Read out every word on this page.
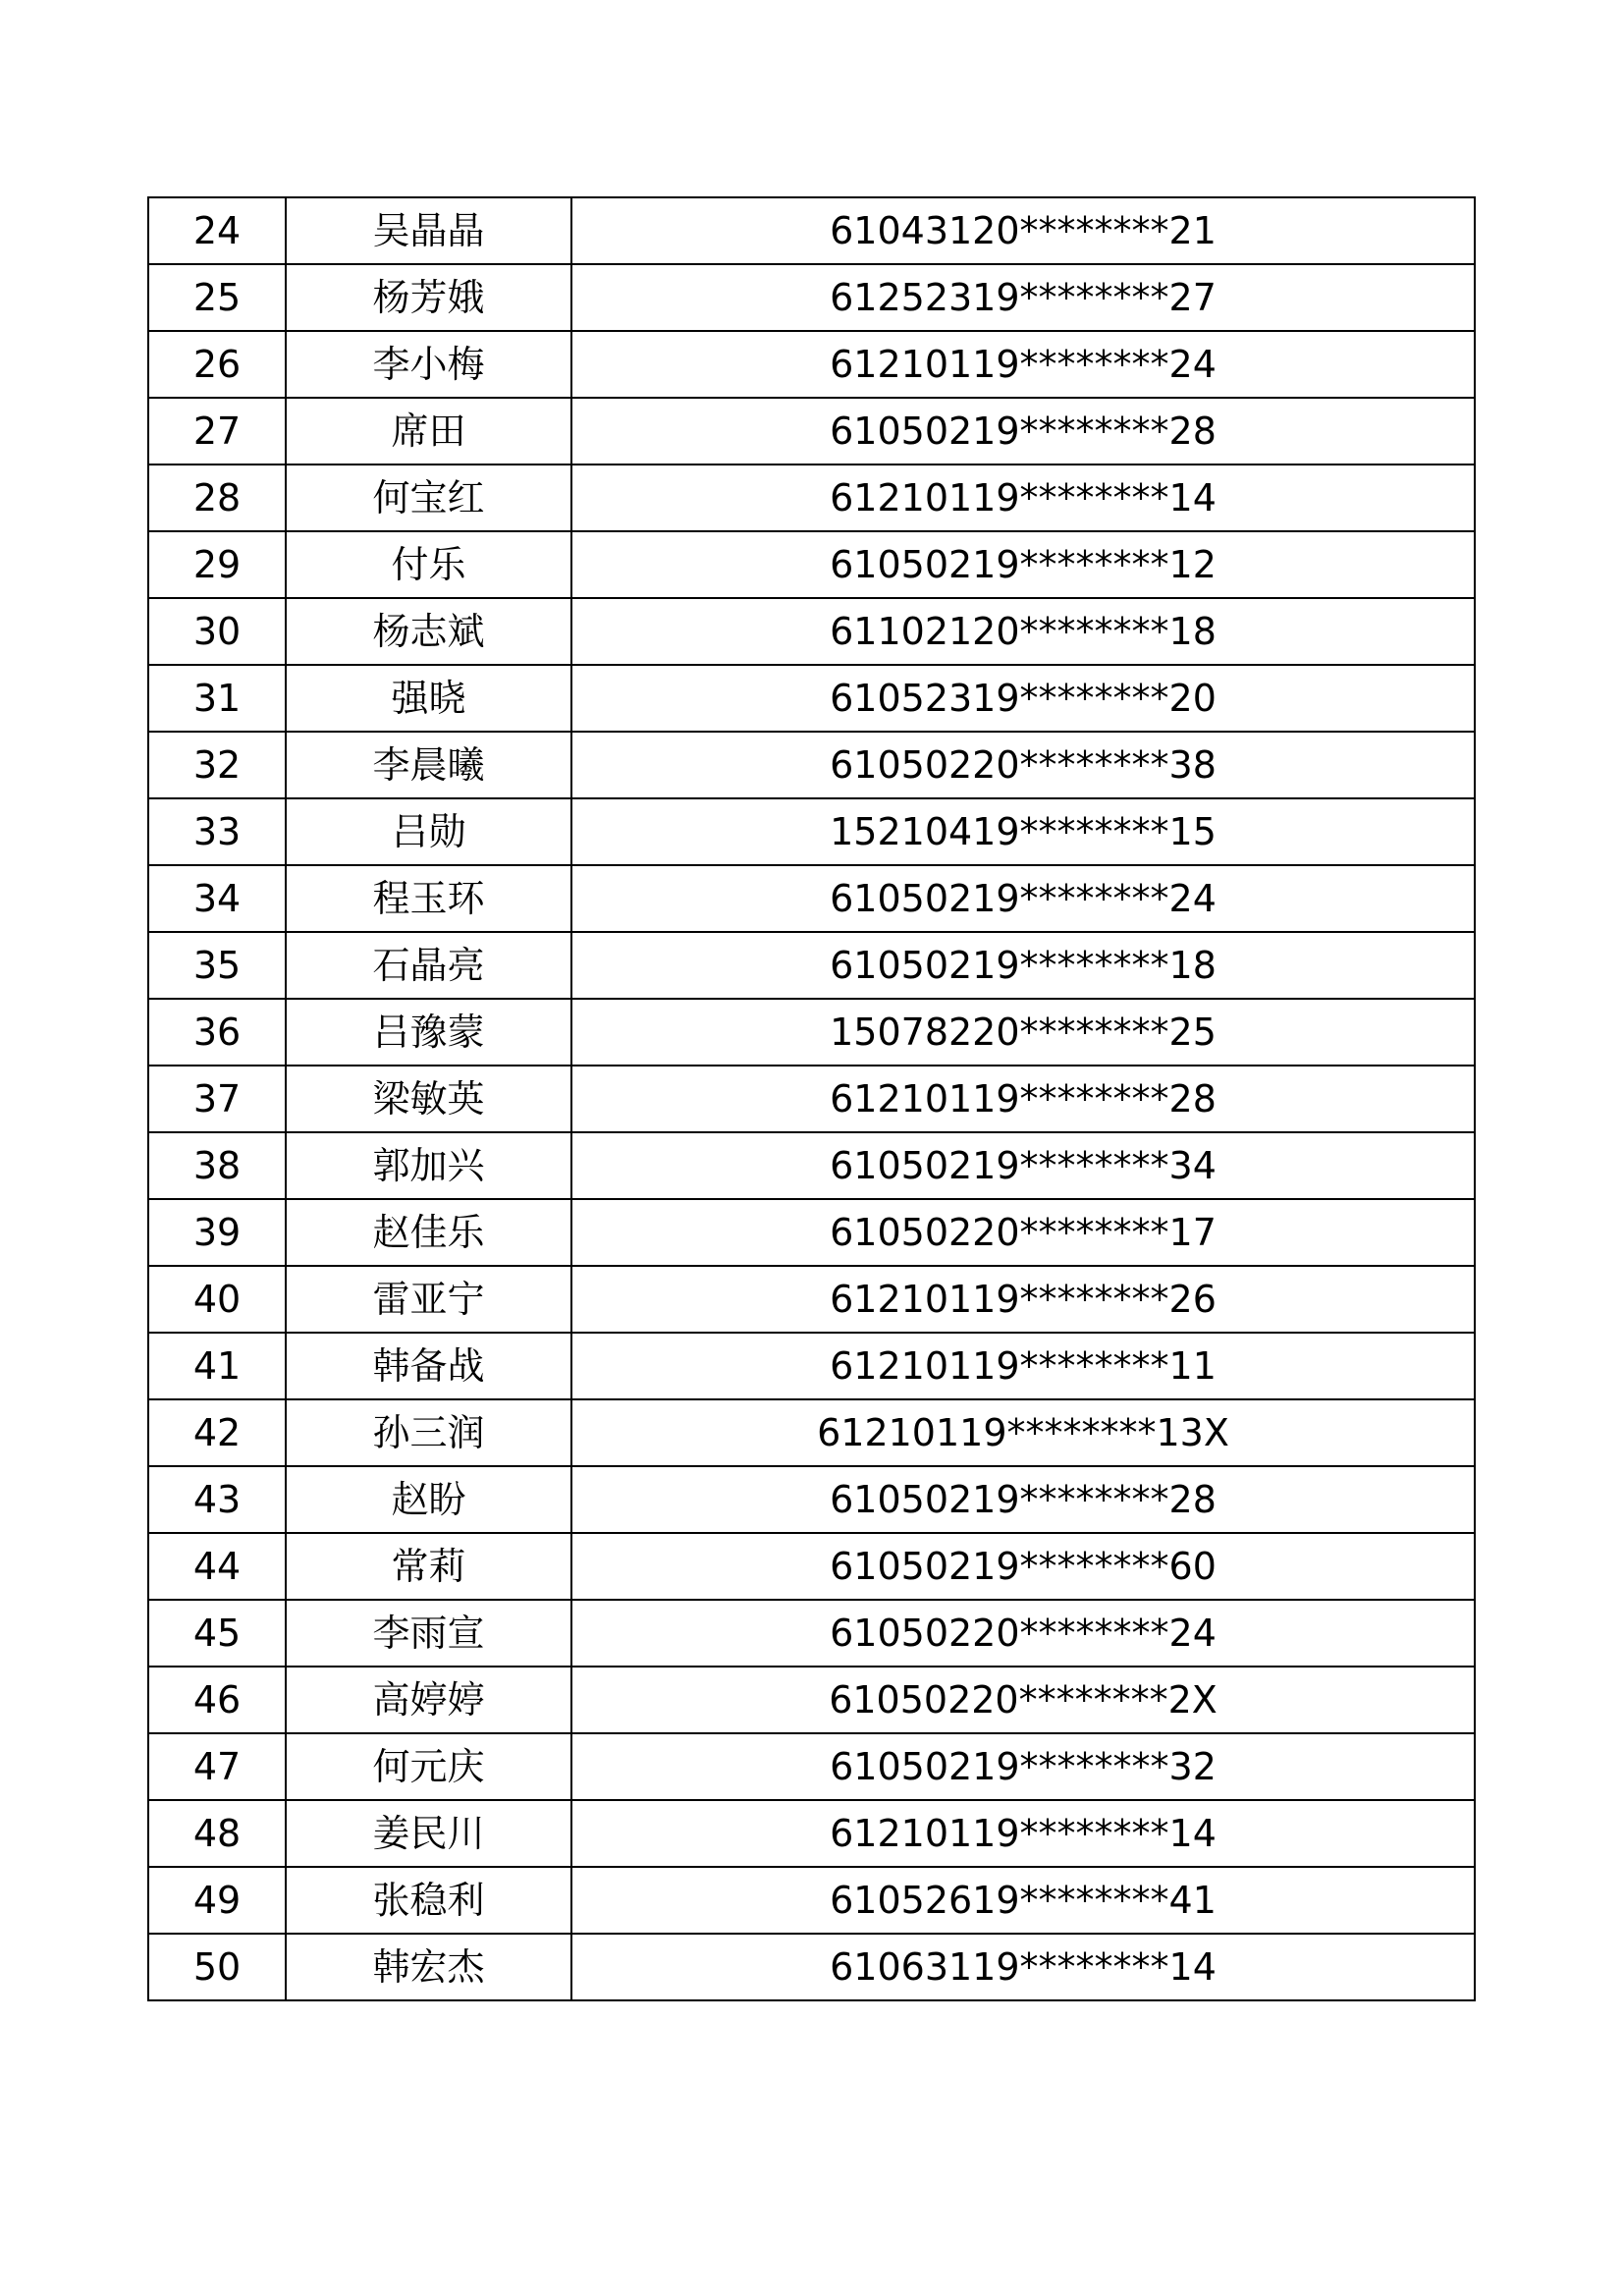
24	吴晶晶	61043120********21
25	杨芳娥	61252319********27
26	李小梅	61210119********24
27	席田	61050219********28
28	何宝红	61210119********14
29	付乐	61050219********12
30	杨志斌	61102120********18
31	强晓	61052319********20
32	李晨曦	61050220********38
33	吕勋	15210419********15
34	程玉环	61050219********24
35	石晶亮	61050219********18
36	吕豫蒙	15078220********25
37	梁敏英	61210119********28
38	郭加兴	61050219********34
39	赵佳乐	61050220********17
40	雷亚宁	61210119********26
41	韩备战	61210119********11
42	孙三润	61210119********13X
43	赵盼	61050219********28
44	常莉	61050219********60
45	李雨宣	61050220********24
46	高婷婷	61050220********2X
47	何元庆	61050219********32
48	姜民川	61210119********14
49	张稳利	61052619********41
50	韩宏杰	61063119********14
